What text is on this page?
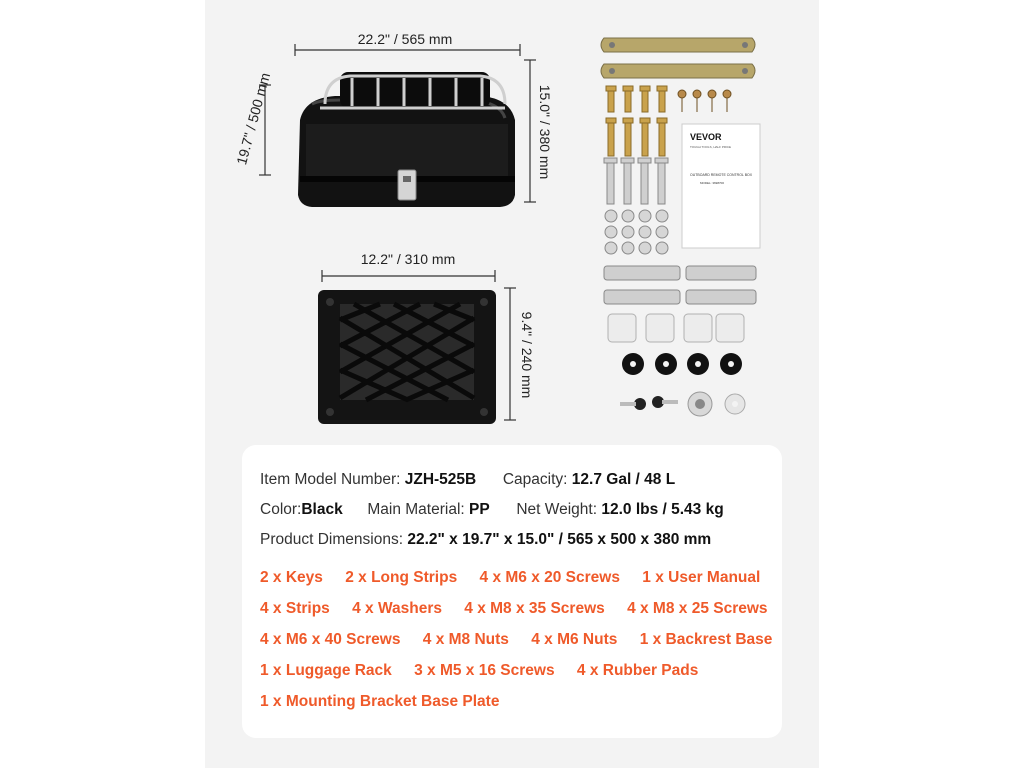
22.2" / 565 mm
19.7" / 500 mm	15.0" / 380 mm
12.2" / 310 mm
9.4" / 240 mm
VEVOR
TOUGH TOOLS, HALF PRICE
OUTBOARD REMOTE CONTROL BOX
MODEL: 3698700
Item Model Number: JZH-525B Capacity: 12.7 Gal / 48 L
Color:Black Main Material: PP Net Weight: 12.0 lbs / 5.43 kg
Product Dimensions: 22.2" x 19.7" x 15.0" / 565 x 500 x 380 mm
2 x Keys 2 x Long Strips 4 x M6 x 20 Screws 1 x User Manual
4 x Strips 4 x Washers 4 x M8 x 35 Screws 4 x M8 x 25 Screws
4 x M6 x 40 Screws 4 x M8 Nuts 4 x M6 Nuts 1 x Backrest Base
1 x Luggage Rack 3 x M5 x 16 Screws 4 x Rubber Pads
1 x Mounting Bracket Base Plate
